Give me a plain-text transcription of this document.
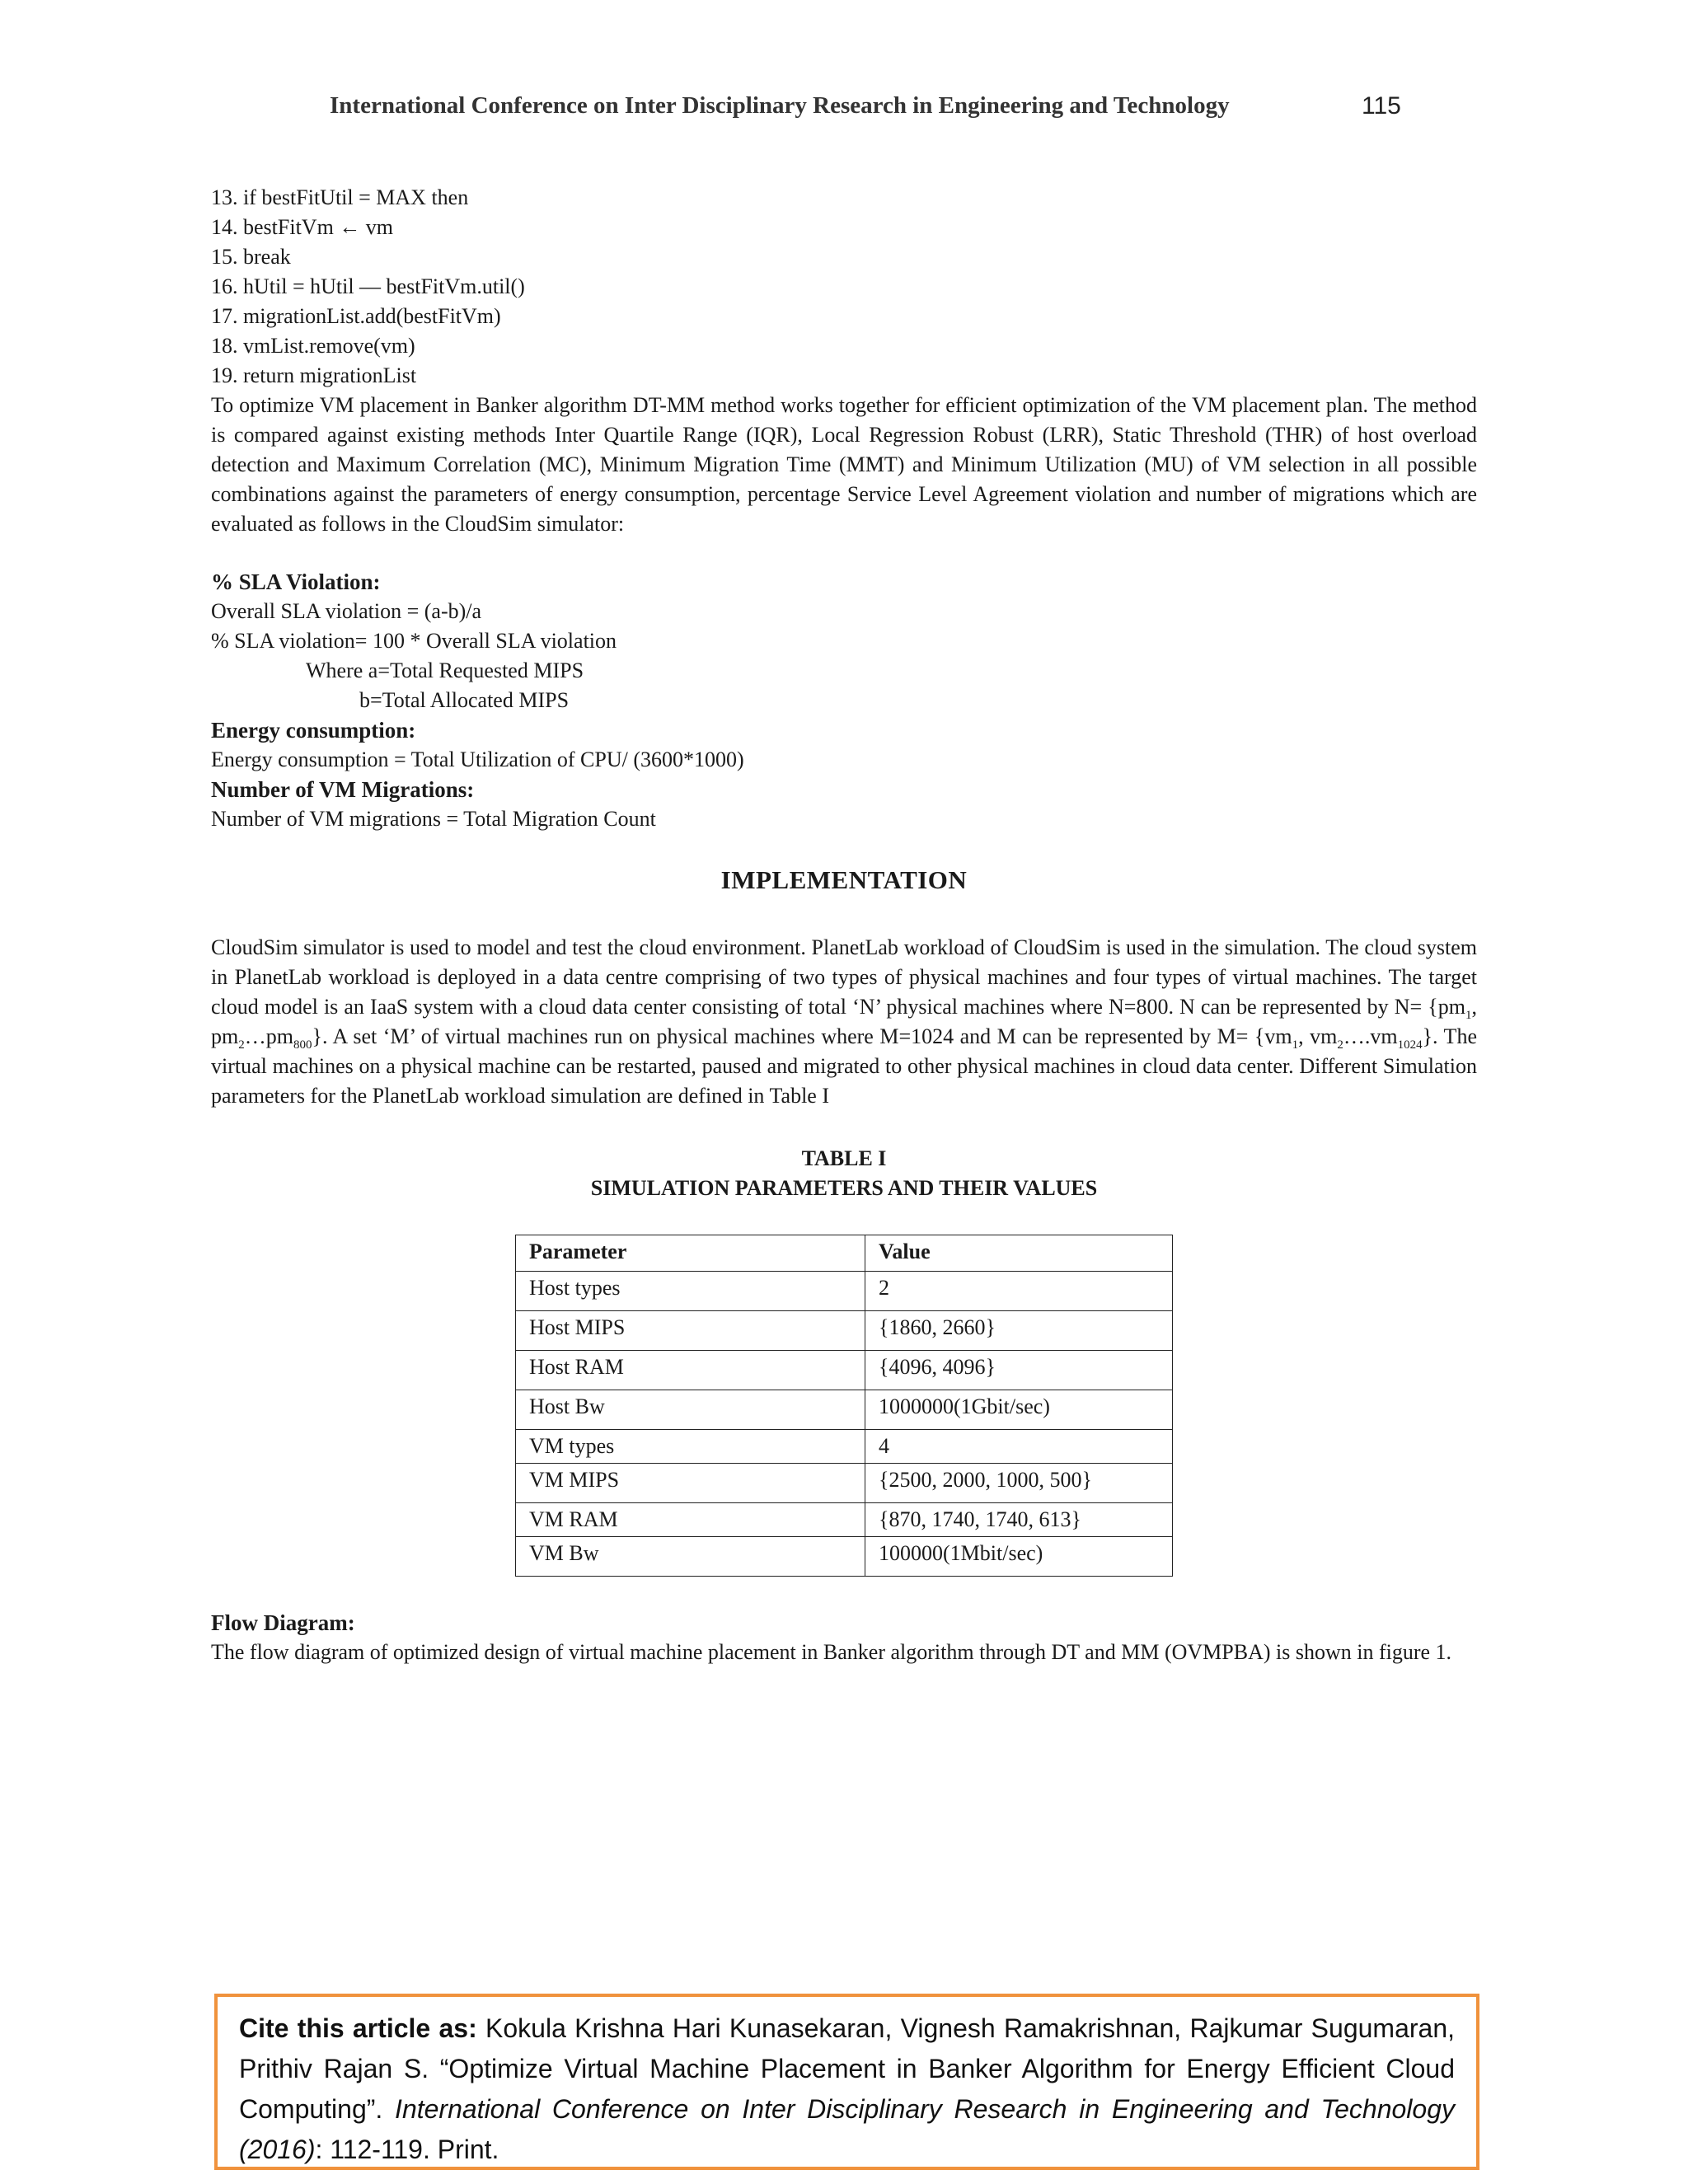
International Conference on Inter Disciplinary Research in Engineering and Technology	115

13. if bestFitUtil = MAX then

14. bestFitVm ← vm

15. break

16. hUtil = hUtil — bestFitVm.util()

17. migrationList.add(bestFitVm)

18. vmList.remove(vm)

19. return migrationList

To optimize VM placement in Banker algorithm DT-MM method works together for efficient optimization of the VM placement plan. The method is compared against existing methods Inter Quartile Range (IQR), Local Regression Robust (LRR), Static Threshold (THR) of host overload detection and Maximum Correlation (MC), Minimum Migration Time (MMT) and Minimum Utilization (MU) of VM selection in all possible combinations against the parameters of energy consumption, percentage Service Level Agreement violation and number of migrations which are evaluated as follows in the CloudSim simulator:

% SLA Violation:

Overall SLA violation = (a-b)/a

% SLA violation= 100 * Overall SLA violation

Where a=Total Requested MIPS

b=Total Allocated MIPS

Energy consumption:

Energy consumption = Total Utilization of CPU/ (3600*1000)

Number of VM Migrations:

Number of VM migrations = Total Migration Count

IMPLEMENTATION

CloudSim simulator is used to model and test the cloud environment. PlanetLab workload of CloudSim is used in the simulation. The cloud system in PlanetLab workload is deployed in a data centre comprising of two types of physical machines and four types of virtual machines. The target cloud model is an IaaS system with a cloud data center consisting of total ‘N’ physical machines where N=800. N can be represented by $N= \{pm_1$, $pm_2\dots pm_{800}$}. A set ‘M’ of virtual machines run on physical machines where M=1024 and M can be represented by $M= \{vm_1$, $vm_2\dots.vm_{1024}$}. The virtual machines on a physical machine can be restarted, paused and migrated to other physical machines in cloud data center. Different Simulation parameters for the PlanetLab workload simulation are defined in Table I

TABLE I
SIMULATION PARAMETERS AND THEIR VALUES
Parameter	Value
Host types	2
Host MIPS	{1860, 2660}
Host RAM	{4096, 4096}
Host Bw	1000000(1Gbit/sec)
VM types	4
VM MIPS	{2500, 2000, 1000, 500}
VM RAM	{870, 1740, 1740, 613}
VM Bw	100000(1Mbit/sec)

Flow Diagram:

The flow diagram of optimized design of virtual machine placement in Banker algorithm through DT and MM (OVMPBA) is shown in figure 1.

Cite this article as: Kokula Krishna Hari Kunasekaran, Vignesh Ramakrishnan, Rajkumar Sugumaran, Prithiv Rajan S. “Optimize Virtual Machine Placement in Banker Algorithm for Energy Efficient Cloud Computing”. International Conference on Inter Disciplinary Research in Engineering and Technology (2016): 112-119. Print.
